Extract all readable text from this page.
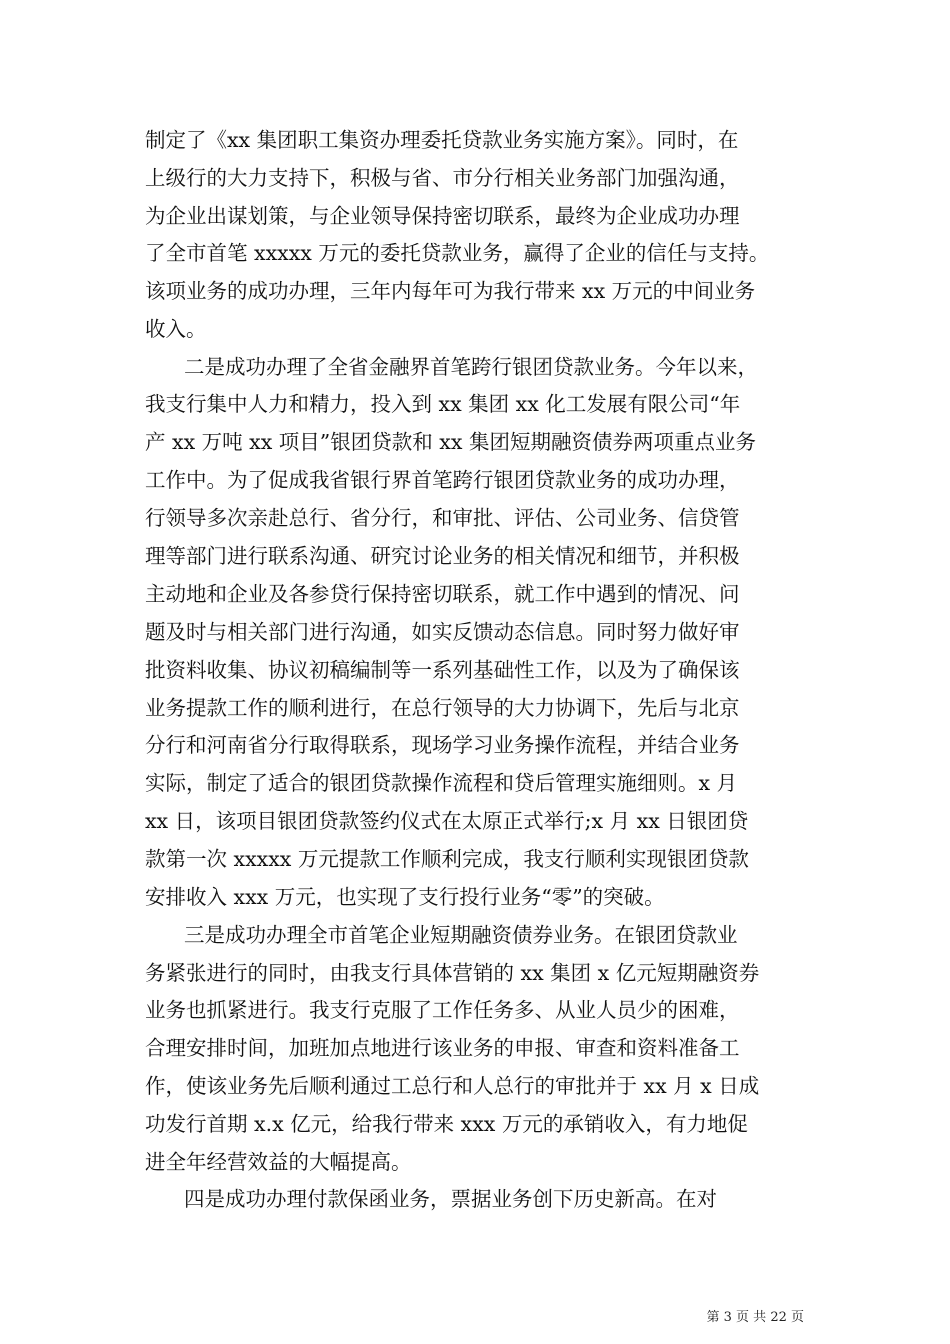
制定了《xx 集团职工集资办理委托贷款业务实施方案》。同时，在
上级行的大力支持下，积极与省、市分行相关业务部门加强沟通，
为企业出谋划策，与企业领导保持密切联系，最终为企业成功办理
了全市首笔 xxxxx 万元的委托贷款业务，赢得了企业的信任与支持。
该项业务的成功办理，三年内每年可为我行带来 xx 万元的中间业务
收入。
二是成功办理了全省金融界首笔跨行银团贷款业务。今年以来，
我支行集中人力和精力，投入到 xx 集团 xx 化工发展有限公司“年
产 xx 万吨 xx 项目”银团贷款和 xx 集团短期融资债券两项重点业务
工作中。为了促成我省银行界首笔跨行银团贷款业务的成功办理，
行领导多次亲赴总行、省分行，和审批、评估、公司业务、信贷管
理等部门进行联系沟通、研究讨论业务的相关情况和细节，并积极
主动地和企业及各参贷行保持密切联系，就工作中遇到的情况、问
题及时与相关部门进行沟通，如实反馈动态信息。同时努力做好审
批资料收集、协议初稿编制等一系列基础性工作，以及为了确保该
业务提款工作的顺利进行，在总行领导的大力协调下，先后与北京
分行和河南省分行取得联系，现场学习业务操作流程，并结合业务
实际，制定了适合的银团贷款操作流程和贷后管理实施细则。x 月
xx 日，该项目银团贷款签约仪式在太原正式举行;x 月 xx 日银团贷
款第一次 xxxxx 万元提款工作顺利完成，我支行顺利实现银团贷款
安排收入 xxx 万元，也实现了支行投行业务“零”的突破。
三是成功办理全市首笔企业短期融资债券业务。在银团贷款业
务紧张进行的同时，由我支行具体营销的 xx 集团 x 亿元短期融资券
业务也抓紧进行。我支行克服了工作任务多、从业人员少的困难，
合理安排时间，加班加点地进行该业务的申报、审查和资料准备工
作，使该业务先后顺利通过工总行和人总行的审批并于 xx 月 x 日成
功发行首期 x.x 亿元，给我行带来 xxx 万元的承销收入，有力地促
进全年经营效益的大幅提高。
四是成功办理付款保函业务，票据业务创下历史新高。在对
第 3 页 共 22 页
